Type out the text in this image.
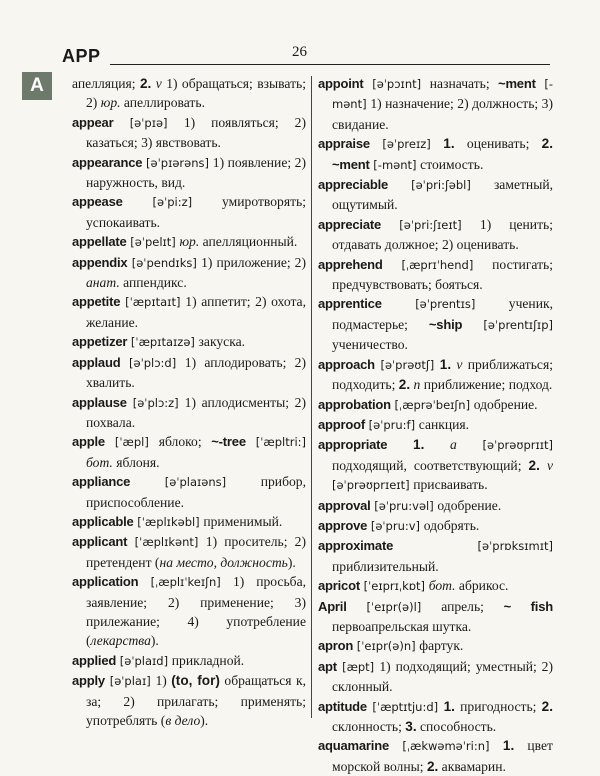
APP	26
A	апелляция; 2. v 1) обращаться; взывать; 2) юр. апеллировать.

appear [əˈpɪə] 1) появляться; 2) казаться; 3) явствовать.

appearance [əˈpɪərəns] 1) появление; 2) наружность, вид.

appease [əˈpi:z] умиротворять; успокаивать.

appellate [əˈpelɪt] юр. апелляционный.

appendix [əˈpendɪks] 1) приложение; 2) анат. аппендикс.

appetite [ˈæpɪtaɪt] 1) аппетит; 2) охота, желание.

appetizer [ˈæpɪtaɪzə] закуска.

applaud [əˈplɔ:d] 1) аплодировать; 2) хвалить.

applause [əˈplɔ:z] 1) аплодисменты; 2) похвала.

apple [ˈæpl] яблоко; ~-tree [ˈæpltri:] бот. яблоня.

appliance [əˈplaɪəns] прибор, приспособление.

applicable [ˈæplɪkəbl] применимый.

applicant [ˈæplɪkənt] 1) проситель; 2) претендент (на место, должность).

application [ˌæplɪˈkeɪʃn] 1) просьба, заявление; 2) применение; 3) прилежание; 4) употребление (лекарства).

applied [əˈplaɪd] прикладной.

apply [əˈplaɪ] 1) (to, for) обращаться к, за; 2) прилагать; применять; употреблять (в дело).

appoint [əˈpɔɪnt] назначать; ~ment [-mənt] 1) назначение; 2) должность; 3) свидание.

appraise [əˈpreɪz] 1. оценивать; 2. ~ment [-mənt] стоимость.

appreciable [əˈpri:ʃəbl] заметный, ощутимый.

appreciate [əˈpri:ʃɪeɪt] 1) ценить; отдавать должное; 2) оценивать.

apprehend [ˌæprɪˈhend] постигать; предчувствовать; бояться.

apprentice [əˈprentɪs] ученик, подмастерье; ~ship [əˈprentɪʃɪp] ученичество.

approach [əˈprəʊtʃ] 1. v приближаться; подходить; 2. n приближение; подход.

approbation [ˌæprəˈbeɪʃn] одобрение.

approof [əˈpru:f] санкция.

appropriate 1. a [əˈprəʊprɪɪt] подходящий, соответствующий; 2. v [əˈprəʊprɪeɪt] присваивать.

approval [əˈpru:vəl] одобрение.

approve [əˈpru:v] одобрять.

approximate [əˈprɒksɪmɪt] приблизительный.

apricot [ˈeɪprɪˌkɒt] бот. абрикос.

April [ˈeɪpr(ə)l] апрель; ~ fish первоапрельская шутка.

apron [ˈeɪpr(ə)n] фартук.

apt [æpt] 1) подходящий; уместный; 2) склонный.

aptitude [ˈæptɪtju:d] 1. пригодность; 2. склонность; 3. способность.

aquamarine [ˌækwəməˈri:n] 1. цвет морской волны; 2. аквамарин.
